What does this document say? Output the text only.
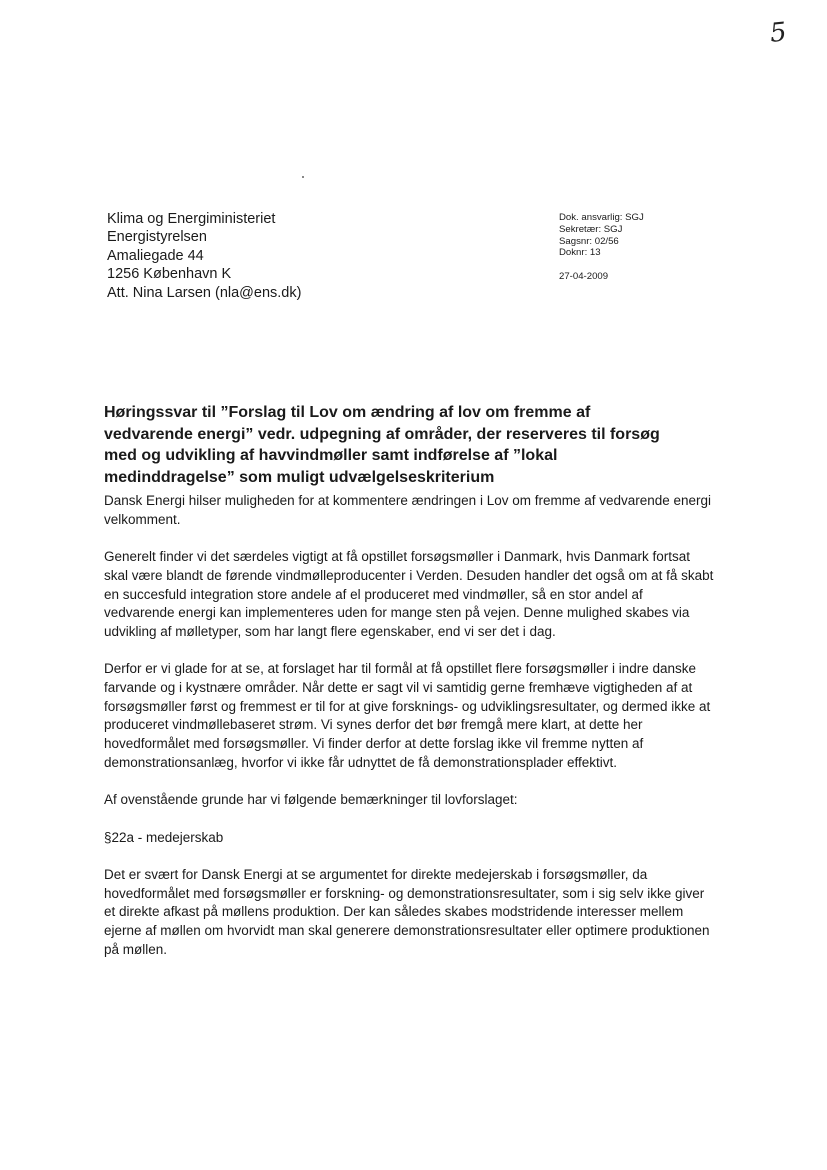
5
Klima og Energiministeriet
Energistyrelsen
Amaliegade 44
1256 København K
Att. Nina Larsen (nla@ens.dk)
Dok. ansvarlig: SGJ
Sekretær: SGJ
Sagsnr: 02/56
Doknr: 13
27-04-2009
Høringssvar til ”Forslag til Lov om ændring af lov om fremme af vedvarende energi” vedr. udpegning af områder, der reserveres til forsøg med og udvikling af havvindmøller samt indførelse af ”lokal medinddragelse” som muligt udvælgelseskriterium

Dansk Energi hilser muligheden for at kommentere ændringen i Lov om fremme af vedvarende energi velkomment.

Generelt finder vi det særdeles vigtigt at få opstillet forsøgsmøller i Danmark, hvis Danmark fortsat skal være blandt de førende vindmølleproducenter i Verden. Desuden handler det også om at få skabt en succesfuld integration store andele af el produceret med vindmøller, så en stor andel af vedvarende energi kan implementeres uden for mange sten på vejen. Denne mulighed skabes via udvikling af mølletyper, som har langt flere egenskaber, end vi ser det i dag.

Derfor er vi glade for at se, at forslaget har til formål at få opstillet flere forsøgsmøller i indre danske farvande og i kystnære områder. Når dette er sagt vil vi samtidig gerne fremhæve vigtigheden af at forsøgsmøller først og fremmest er til for at give forsknings- og udviklingsresultater, og dermed ikke at produceret vindmøllebaseret strøm. Vi synes derfor det bør fremgå mere klart, at dette her hovedformålet med forsøgsmøller. Vi finder derfor at dette forslag ikke vil fremme nytten af demonstrationsanlæg, hvorfor vi ikke får udnyttet de få demonstrationsplader effektivt.

Af ovenstående grunde har vi følgende bemærkninger til lovforslaget:

§22a - medejerskab

Det er svært for Dansk Energi at se argumentet for direkte medejerskab i forsøgsmøller, da hovedformålet med forsøgsmøller er forskning- og demonstrationsresultater, som i sig selv ikke giver et direkte afkast på møllens produktion. Der kan således skabes modstridende interesser mellem ejerne af møllen om hvorvidt man skal generere demonstrationsresultater eller optimere produktionen på møllen.
